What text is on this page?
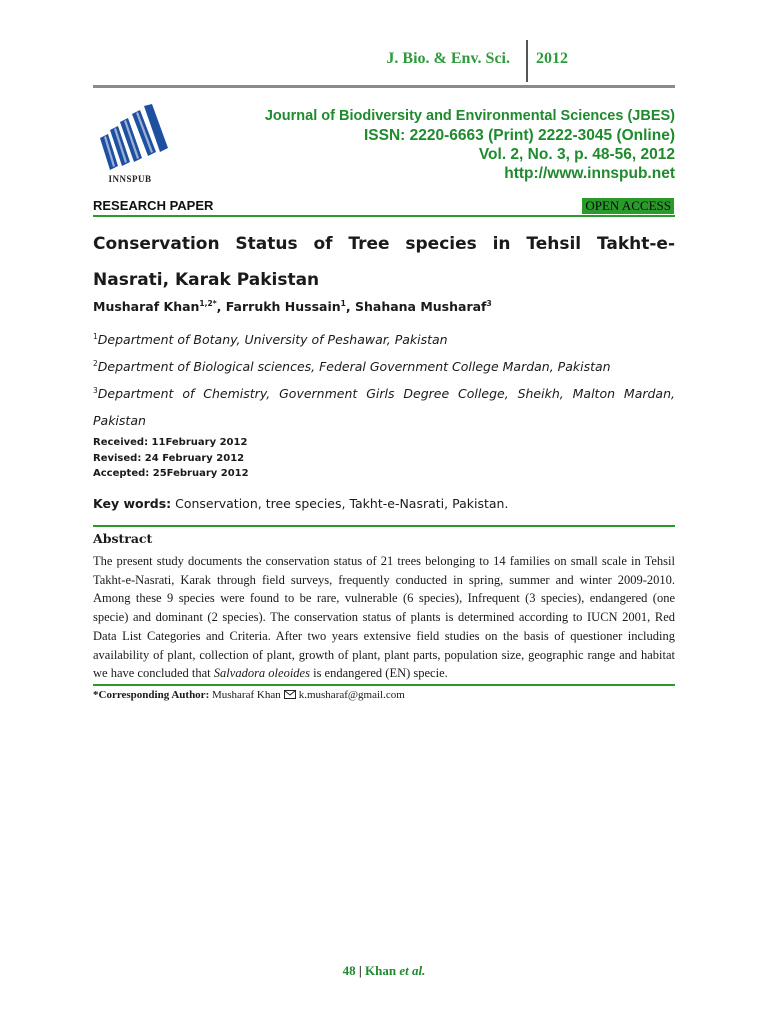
J. Bio. & Env. Sci. 2012
INNSPUB
Journal of Biodiversity and Environmental Sciences (JBES)
ISSN: 2220-6663 (Print) 2222-3045 (Online)
Vol. 2, No. 3, p. 48-56, 2012
http://www.innspub.net
RESEARCH PAPER	OPEN ACCESS
Conservation Status of Tree species in Tehsil Takht-e-Nasrati, Karak Pakistan
Musharaf Khan$^{1,2*}$, Farrukh Hussain$^1$, Shahana Musharaf$^3$
$^1$Department of Botany, University of Peshawar, Pakistan
$^2$Department of Biological sciences, Federal Government College Mardan, Pakistan
$^3$Department of Chemistry, Government Girls Degree College, Sheikh, Malton Mardan, Pakistan
Received: 11February 2012
Revised: 24 February 2012
Accepted: 25February 2012
Key words: Conservation, tree species, Takht-e-Nasrati, Pakistan.
Abstract
The present study documents the conservation status of 21 trees belonging to 14 families on small scale in Tehsil Takht-e-Nasrati, Karak through field surveys, frequently conducted in spring, summer and winter 2009-2010. Among these 9 species were found to be rare, vulnerable (6 species), Infrequent (3 species), endangered (one specie) and dominant (2 species). The conservation status of plants is determined according to IUCN 2001, Red Data List Categories and Criteria. After two years extensive field studies on the basis of questioner including availability of plant, collection of plant, growth of plant, plant parts, population size, geographic range and habitat we have concluded that Salvadora oleoides is endangered (EN) specie.
*Corresponding Author: Musharaf Khan k.musharaf@gmail.com
48 | Khan et al.
